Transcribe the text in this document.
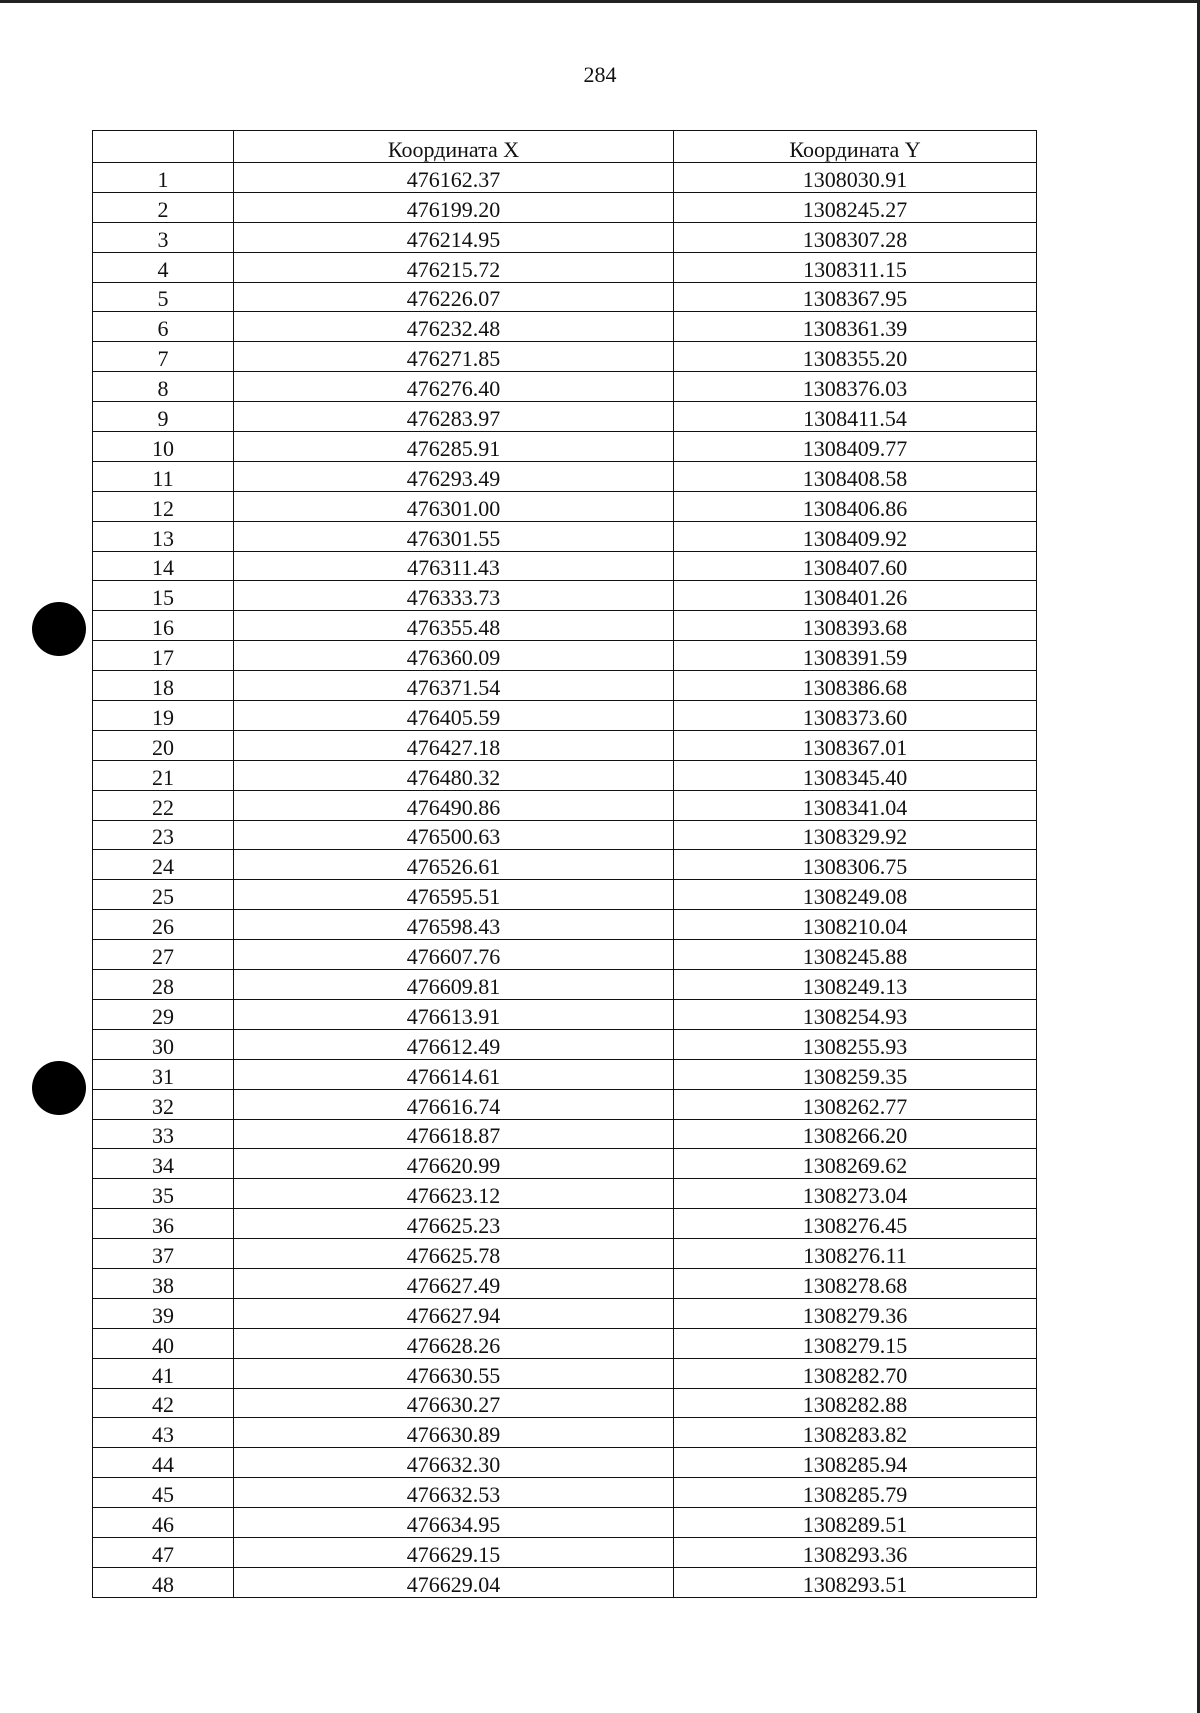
284
	Координата X	Координата Y
1	476162.37	1308030.91
2	476199.20	1308245.27
3	476214.95	1308307.28
4	476215.72	1308311.15
5	476226.07	1308367.95
6	476232.48	1308361.39
7	476271.85	1308355.20
8	476276.40	1308376.03
9	476283.97	1308411.54
10	476285.91	1308409.77
11	476293.49	1308408.58
12	476301.00	1308406.86
13	476301.55	1308409.92
14	476311.43	1308407.60
15	476333.73	1308401.26
16	476355.48	1308393.68
17	476360.09	1308391.59
18	476371.54	1308386.68
19	476405.59	1308373.60
20	476427.18	1308367.01
21	476480.32	1308345.40
22	476490.86	1308341.04
23	476500.63	1308329.92
24	476526.61	1308306.75
25	476595.51	1308249.08
26	476598.43	1308210.04
27	476607.76	1308245.88
28	476609.81	1308249.13
29	476613.91	1308254.93
30	476612.49	1308255.93
31	476614.61	1308259.35
32	476616.74	1308262.77
33	476618.87	1308266.20
34	476620.99	1308269.62
35	476623.12	1308273.04
36	476625.23	1308276.45
37	476625.78	1308276.11
38	476627.49	1308278.68
39	476627.94	1308279.36
40	476628.26	1308279.15
41	476630.55	1308282.70
42	476630.27	1308282.88
43	476630.89	1308283.82
44	476632.30	1308285.94
45	476632.53	1308285.79
46	476634.95	1308289.51
47	476629.15	1308293.36
48	476629.04	1308293.51
